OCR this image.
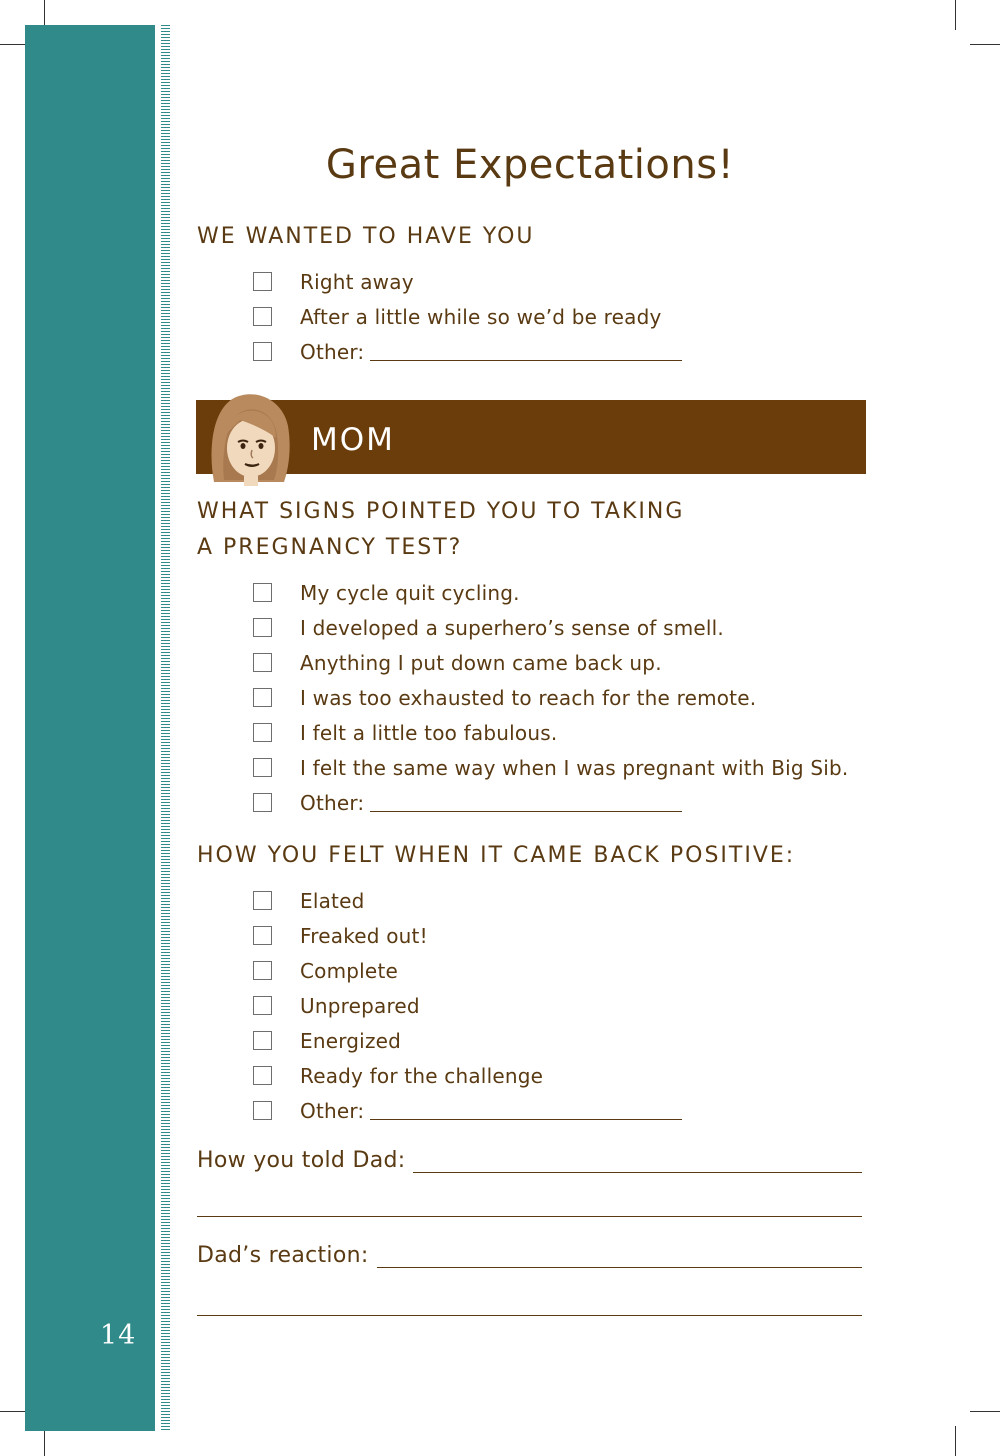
14
Great Expectations!
WE WANTED TO HAVE YOU
Right away
After a little while so we’d be ready
Other:
MOM
WHAT SIGNS POINTED YOU TO TAKING
A PREGNANCY TEST?
My cycle quit cycling.
I developed a superhero’s sense of smell.
Anything I put down came back up.
I was too exhausted to reach for the remote.
I felt a little too fabulous.
I felt the same way when I was pregnant with Big Sib.
Other:
HOW YOU FELT WHEN IT CAME BACK POSITIVE:
Elated
Freaked out!
Complete
Unprepared
Energized
Ready for the challenge
Other:
How you told Dad:
Dad’s reaction:
